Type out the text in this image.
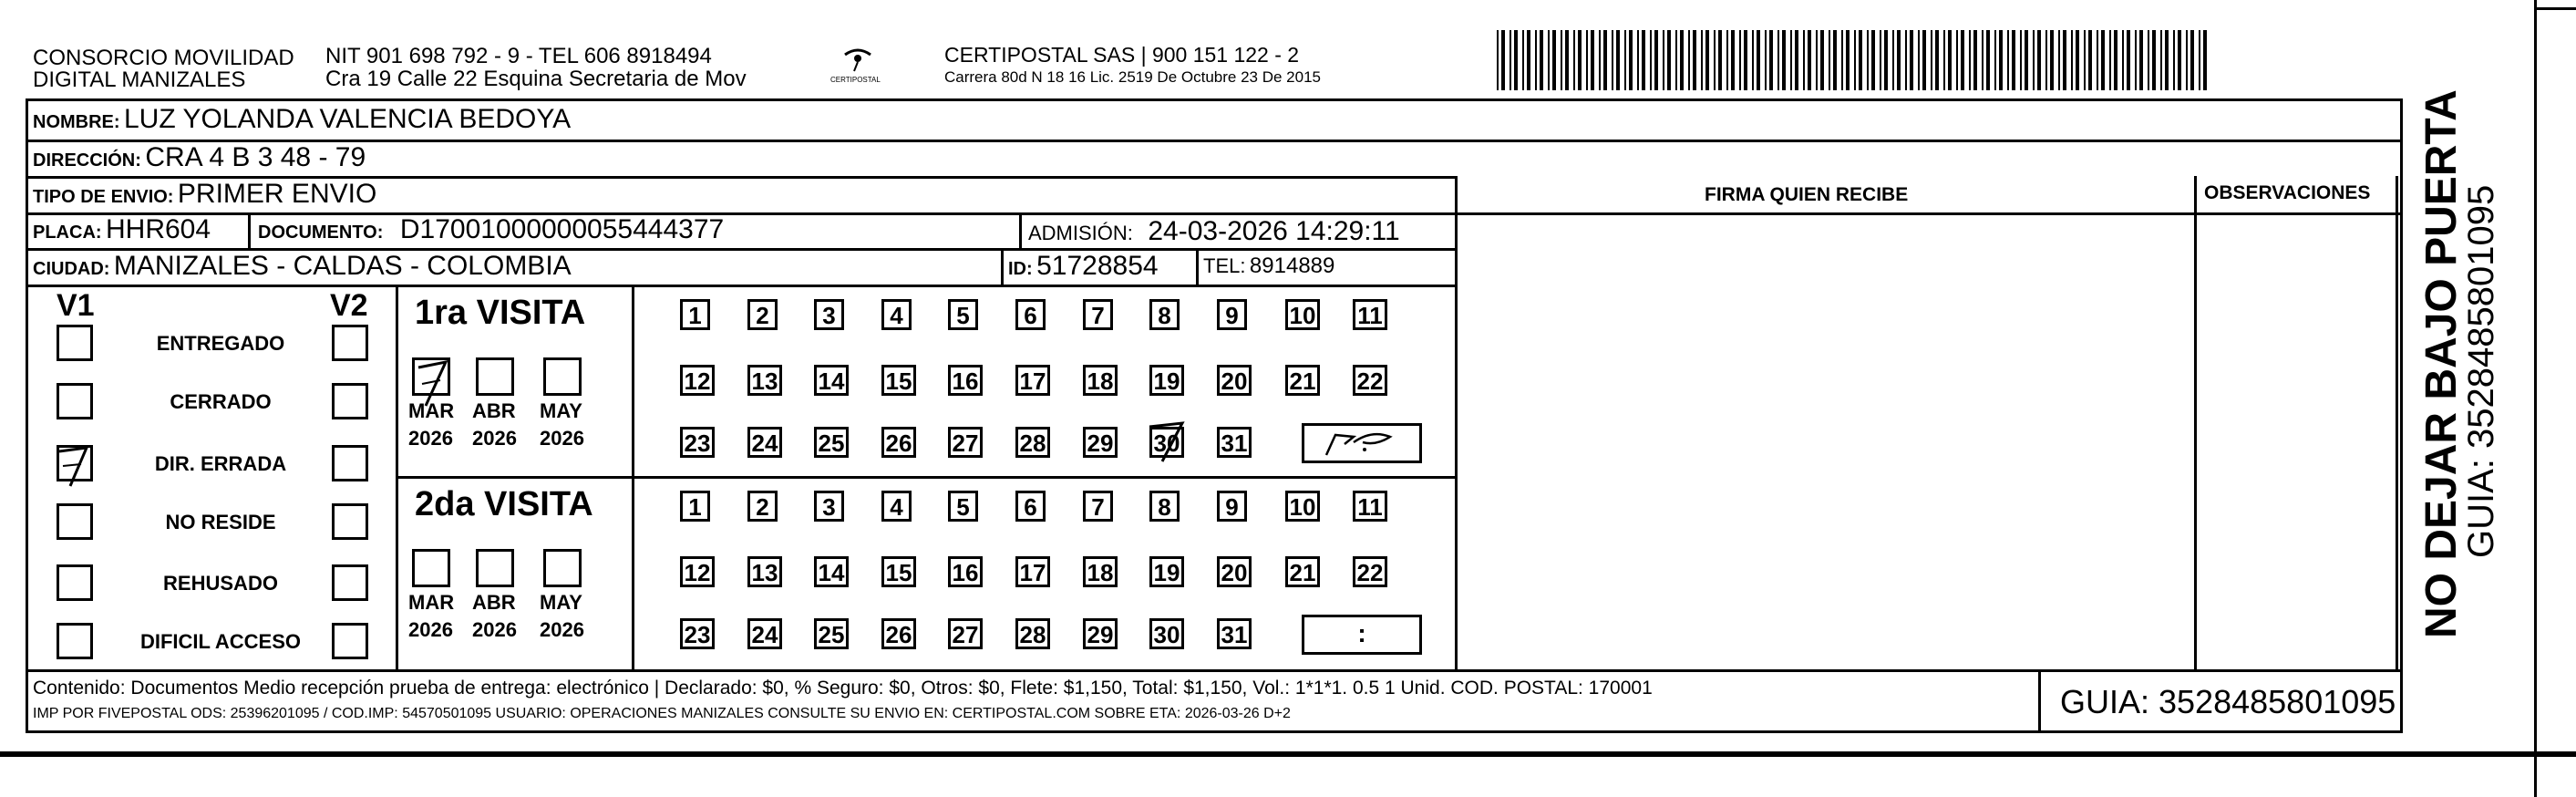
CONSORCIO MOVILIDAD
DIGITAL MANIZALES
NIT 901 698 792 - 9 - TEL 606 8918494
Cra 19 Calle 22 Esquina Secretaria de Mov	CERTIPOSTAL
CERTIPOSTAL SAS | 900 151 122 - 2
Carrera 80d N 18 16 Lic. 2519 De Octubre 23 De 2015
NOMBRE: LUZ YOLANDA VALENCIA BEDOYA
DIRECCIÓN: CRA 4 B 3 48 - 79
TIPO DE ENVIO: PRIMER ENVIO	FIRMA QUIEN RECIBE	OBSERVACIONES
PLACA: HHR604	DOCUMENTO: D17001000000055444377	ADMISIÓN: 24-03-2026 14:29:11
CIUDAD: MANIZALES - CALDAS - COLOMBIA	ID: 51728854 TEL: 8914889
V1	V2
ENTREGADO
CERRADO
DIR. ERRADA
NO RESIDE
REHUSADO
DIFICIL ACCESO
1ra VISITA
MAR
2026
ABR
2026
MAY
2026
1	2	3	4	5	6	7	8	9	10 11
12 13 14 15 16 17 18 19 20 21 22
23 24 25 26 27 28 29 30 31
2da VISITA
MAR
2026
ABR
2026
MAY
2026
1	2	3	4	5	6	7	8	9	10 11
12 13 14 15 16 17 18 19 20 21 22
23 24 25 26 27 28 29 30 31	:
Contenido: Documentos Medio recepción prueba de entrega: electrónico | Declarado: $0, % Seguro: $0, Otros: $0, Flete: $1,150, Total: $1,150, Vol.: 1*1*1. 0.5 1 Unid. COD. POSTAL: 170001
IMP POR FIVEPOSTAL ODS: 25396201095 / COD.IMP: 54570501095 USUARIO: OPERACIONES MANIZALES CONSULTE SU ENVIO EN: CERTIPOSTAL.COM SOBRE ETA: 2026-03-26 D+2	GUIA: 3528485801095
NO DEJAR BAJO PUERTA
GUIA: 3528485801095
